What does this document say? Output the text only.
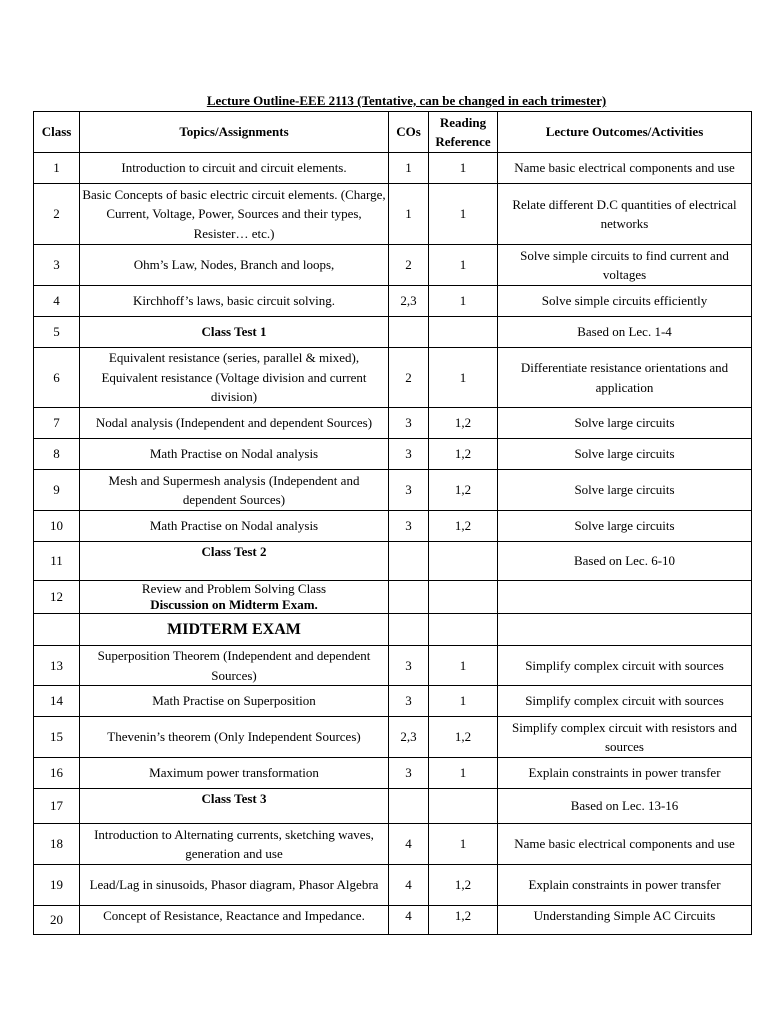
Lecture Outline-EEE 2113 (Tentative, can be changed in each trimester)
Class	Topics/Assignments	COs	Reading Reference	Lecture Outcomes/Activities
1	Introduction to circuit and circuit elements.	1	1	Name basic electrical components and use
2	Basic Concepts of basic electric circuit elements. (Charge, Current, Voltage, Power, Sources and their types, Resister… etc.)	1	1	Relate different D.C quantities of electrical networks
3	Ohm’s Law, Nodes, Branch and loops,	2	1	Solve simple circuits to find current and voltages
4	Kirchhoff’s laws, basic circuit solving.	2,3	1	Solve simple circuits efficiently
5	Class Test 1			Based on Lec. 1-4
6	Equivalent resistance (series, parallel & mixed), Equivalent resistance (Voltage division and current division)	2	1	Differentiate resistance orientations and application
7	Nodal analysis (Independent and dependent Sources)	3	1,2	Solve large circuits
8	Math Practise on Nodal analysis	3	1,2	Solve large circuits
9	Mesh and Supermesh analysis (Independent and dependent Sources)	3	1,2	Solve large circuits
10	Math Practise on Nodal analysis	3	1,2	Solve large circuits
11	Class Test 2			Based on Lec. 6-10
12	Review and Problem Solving Class
Discussion on Midterm Exam.			

	MIDTERM EXAM			
13	Superposition Theorem (Independent and dependent Sources)	3	1	Simplify complex circuit with sources
14	Math Practise on Superposition	3	1	Simplify complex circuit with sources
15	Thevenin’s theorem (Only Independent Sources)	2,3	1,2	Simplify complex circuit with resistors and sources
16	Maximum power transformation	3	1	Explain constraints in power transfer
17	Class Test 3			Based on Lec. 13-16
18	Introduction to Alternating currents, sketching waves, generation and use	4	1	Name basic electrical components and use
19	Lead/Lag in sinusoids, Phasor diagram, Phasor Algebra	4	1,2	Explain constraints in power transfer
20	Concept of Resistance, Reactance and Impedance.	4	1,2	Understanding Simple AC Circuits
